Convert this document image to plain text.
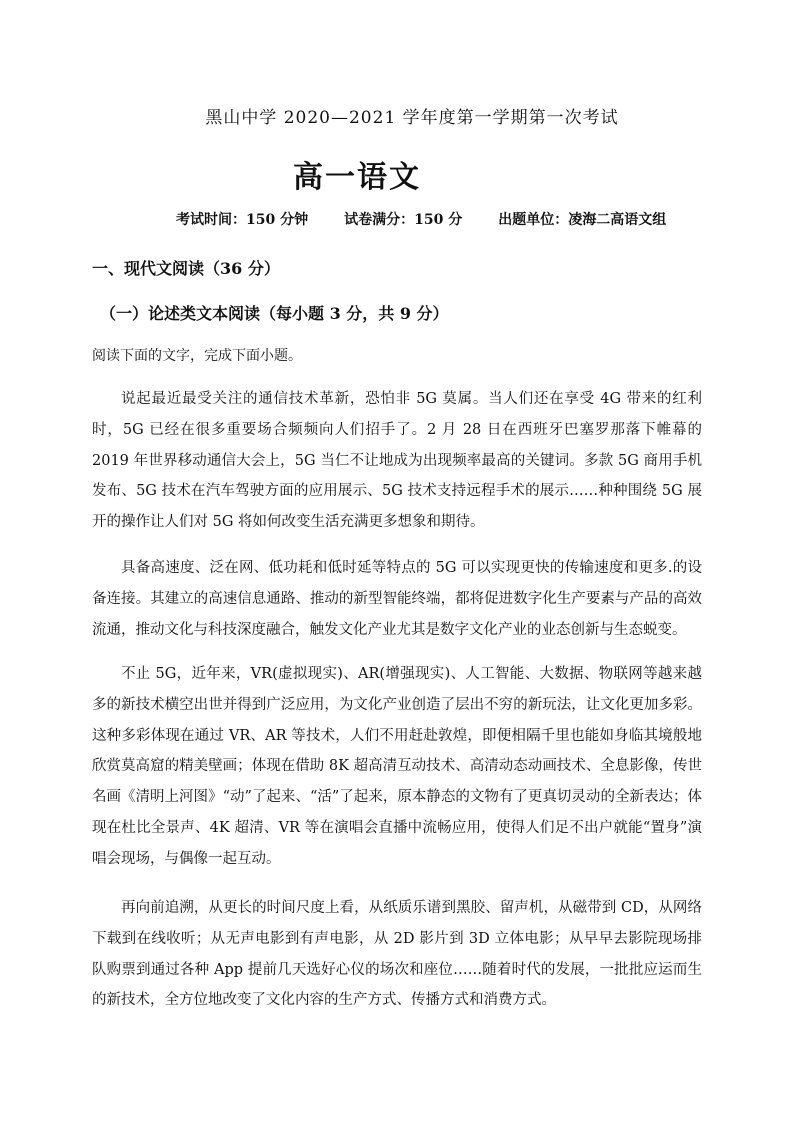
黑山中学 2020—2021 学年度第一学期第一次考试
高一语文
考试时间：150 分钟	试卷满分：150 分	出题单位：凌海二高语文组
一、现代文阅读（36 分）
（一）论述类文本阅读（每小题 3 分，共 9 分）
阅读下面的文字，完成下面小题。

说起最近最受关注的通信技术革新，恐怕非 5G 莫属。当人们还在享受 4G 带来的红利时，5G 已经在很多重要场合频频向人们招手了。2 月 28 日在西班牙巴塞罗那落下帷幕的 2019 年世界移动通信大会上，5G 当仁不让地成为出现频率最高的关键词。多款 5G 商用手机发布、5G 技术在汽车驾驶方面的应用展示、5G 技术支持远程手术的展示……种种围绕 5G 展开的操作让人们对 5G 将如何改变生活充满更多想象和期待。

具备高速度、泛在网、低功耗和低时延等特点的 5G 可以实现更快的传输速度和更多.的设备连接。其建立的高速信息通路、推动的新型智能终端，都将促进数字化生产要素与产品的高效流通，推动文化与科技深度融合，触发文化产业尤其是数字文化产业的业态创新与生态蜕变。

不止 5G，近年来，VR(虚拟现实)、AR(增强现实)、人工智能、大数据、物联网等越来越多的新技术横空出世并得到广泛应用，为文化产业创造了层出不穷的新玩法，让文化更加多彩。这种多彩体现在通过 VR、AR 等技术，人们不用赶赴敦煌，即便相隔千里也能如身临其境般地欣赏莫高窟的精美壁画；体现在借助 8K 超高清互动技术、高清动态动画技术、全息影像，传世名画《清明上河图》“动”了起来、“活”了起来，原本静态的文物有了更真切灵动的全新表达；体现在杜比全景声、4K 超清、VR 等在演唱会直播中流畅应用，使得人们足不出户就能“置身”演唱会现场，与偶像一起互动。

再向前追溯，从更长的时间尺度上看，从纸质乐谱到黑胶、留声机，从磁带到 CD，从网络下载到在线收听；从无声电影到有声电影，从 2D 影片到 3D 立体电影；从早早去影院现场排队购票到通过各种 App 提前几天选好心仪的场次和座位……随着时代的发展，一批批应运而生的新技术，全方位地改变了文化内容的生产方式、传播方式和消费方式。
